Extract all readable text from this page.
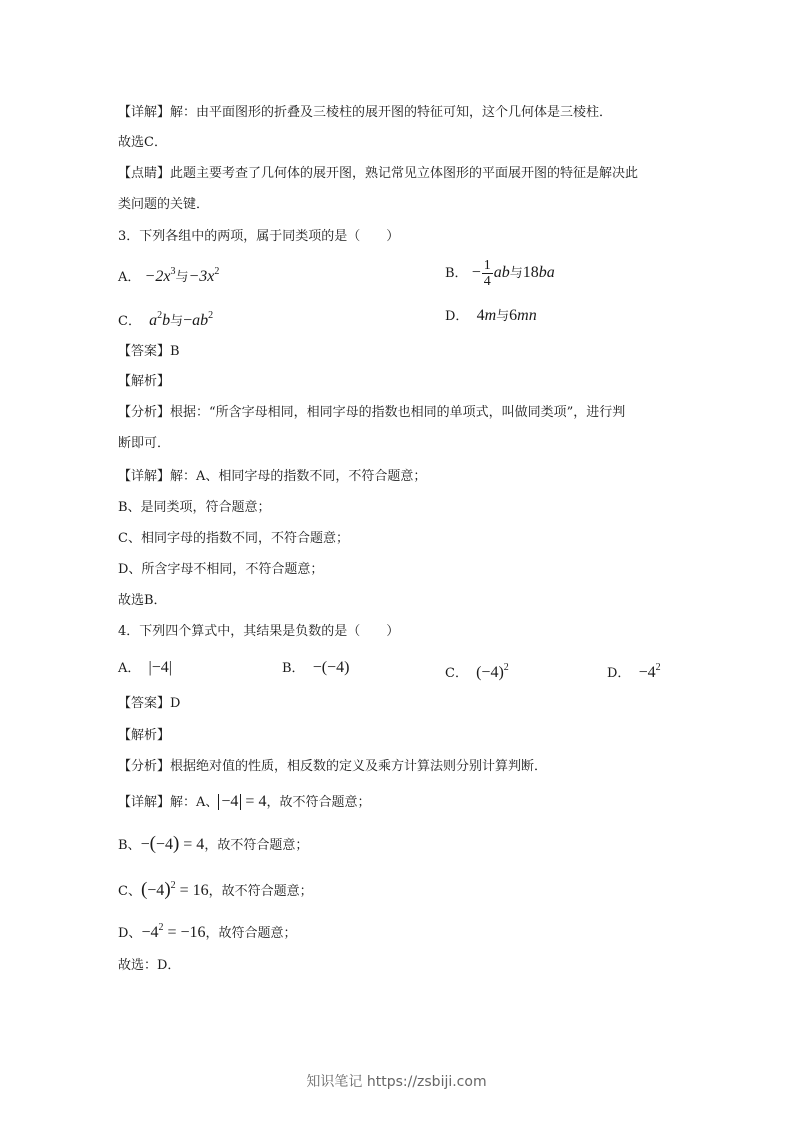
【详解】解：由平面图形的折叠及三棱柱的展开图的特征可知，这个几何体是三棱柱．
故选C．
【点睛】此题主要考查了几何体的展开图，熟记常见立体图形的平面展开图的特征是解决此
类问题的关键．
3．下列各组中的两项，属于同类项的是（　　）
A． $-2x^3$与$-3x^2$	B． − $\frac{1}{4}$ ab与18ba
C． $a^2b$与$-ab^2$	D． 4m与6mn
【答案】B
【解析】
【分析】根据：“所含字母相同，相同字母的指数也相同的单项式，叫做同类项”，进行判
断即可．
【详解】解：A、相同字母的指数不同，不符合题意；
B、是同类项，符合题意；
C、相同字母的指数不同，不符合题意；
D、所含字母不相同，不符合题意；
故选B．
4．下列四个算式中，其结果是负数的是（　　）
A．  |−4|	B．  −(−4)	C．  $(-4)^2$	D．  $-4^2$
【答案】D
【解析】
【分析】根据绝对值的性质，相反数的定义及乘方计算法则分别计算判断．
【详解】解：A、 −4 = 4，故不符合题意；
B、−(−4) = 4，故不符合题意；
C、$(-4)^2 = 16$，故不符合题意；
D、$-4^2 = -16$，故符合题意；
故选：D．
知识笔记 https://zsbiji.com
